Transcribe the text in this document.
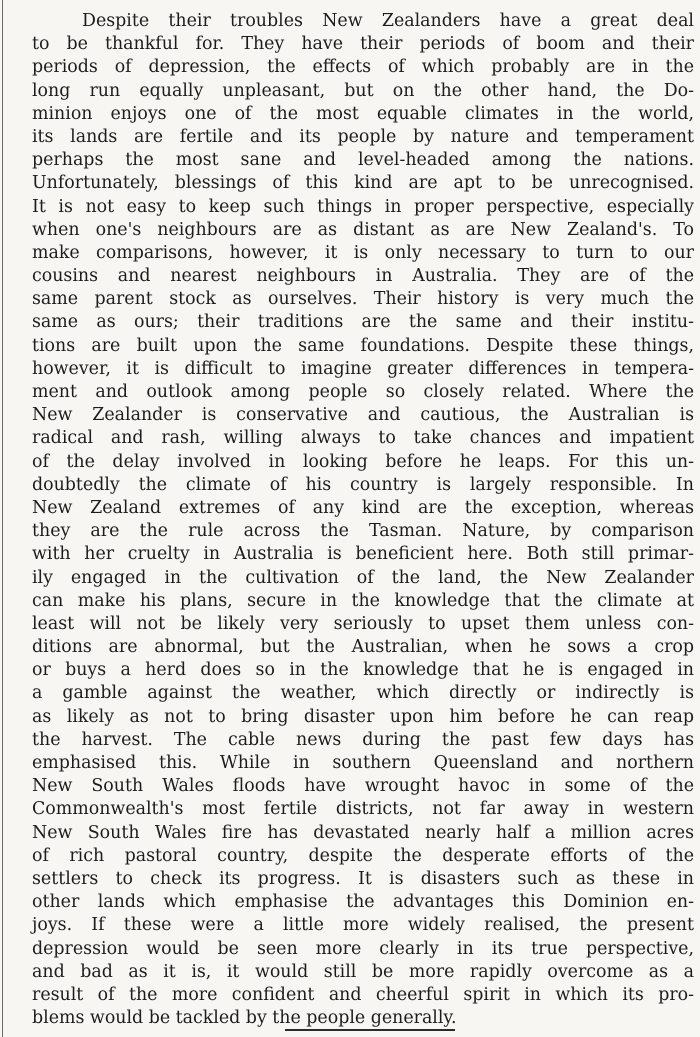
Despite their troubles New Zealanders have a great deal
to be thankful for. They have their periods of boom and their
periods of depression, the effects of which probably are in the
long run equally unpleasant, but on the other hand, the Do-
minion enjoys one of the most equable climates in the world,
its lands are fertile and its people by nature and temperament
perhaps the most sane and level-headed among the nations.
Unfortunately, blessings of this kind are apt to be unrecognised.
It is not easy to keep such things in proper perspective, especially
when one's neighbours are as distant as are New Zealand's. To
make comparisons, however, it is only necessary to turn to our
cousins and nearest neighbours in Australia. They are of the
same parent stock as ourselves. Their history is very much the
same as ours; their traditions are the same and their institu-
tions are built upon the same foundations. Despite these things,
however, it is difficult to imagine greater differences in tempera-
ment and outlook among people so closely related. Where the
New Zealander is conservative and cautious, the Australian is
radical and rash, willing always to take chances and impatient
of the delay involved in looking before he leaps. For this un-
doubtedly the climate of his country is largely responsible. In
New Zealand extremes of any kind are the exception, whereas
they are the rule across the Tasman. Nature, by comparison
with her cruelty in Australia is beneficient here. Both still primar-
ily engaged in the cultivation of the land, the New Zealander
can make his plans, secure in the knowledge that the climate at
least will not be likely very seriously to upset them unless con-
ditions are abnormal, but the Australian, when he sows a crop
or buys a herd does so in the knowledge that he is engaged in
a gamble against the weather, which directly or indirectly is
as likely as not to bring disaster upon him before he can reap
the harvest. The cable news during the past few days has
emphasised this. While in southern Queensland and northern
New South Wales floods have wrought havoc in some of the
Commonwealth's most fertile districts, not far away in western
New South Wales fire has devastated nearly half a million acres
of rich pastoral country, despite the desperate efforts of the
settlers to check its progress. It is disasters such as these in
other lands which emphasise the advantages this Dominion en-
joys. If these were a little more widely realised, the present
depression would be seen more clearly in its true perspective,
and bad as it is, it would still be more rapidly overcome as a
result of the more confident and cheerful spirit in which its pro-
blems would be tackled by the people generally.
